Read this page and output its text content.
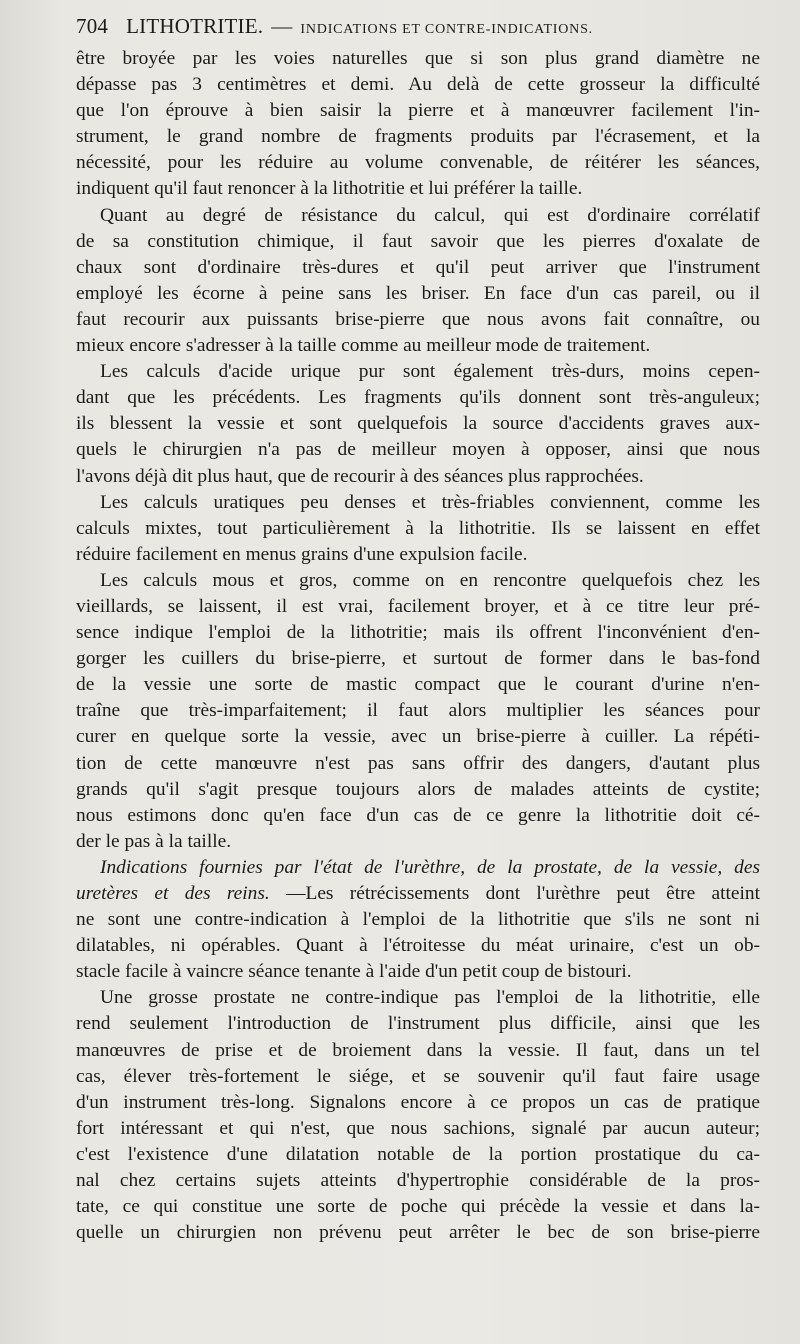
704 LITHOTRITIE. — INDICATIONS ET CONTRE-INDICATIONS.
être broyée par les voies naturelles que si son plus grand diamètre ne
dépasse pas 3 centimètres et demi. Au delà de cette grosseur la difficulté
que l'on éprouve à bien saisir la pierre et à manœuvrer facilement l'in-
strument, le grand nombre de fragments produits par l'écrasement, et la
nécessité, pour les réduire au volume convenable, de réitérer les séances,
indiquent qu'il faut renoncer à la lithotritie et lui préférer la taille.
Quant au degré de résistance du calcul, qui est d'ordinaire corrélatif
de sa constitution chimique, il faut savoir que les pierres d'oxalate de
chaux sont d'ordinaire très-dures et qu'il peut arriver que l'instrument
employé les écorne à peine sans les briser. En face d'un cas pareil, ou il
faut recourir aux puissants brise-pierre que nous avons fait connaître, ou
mieux encore s'adresser à la taille comme au meilleur mode de traitement.
Les calculs d'acide urique pur sont également très-durs, moins cepen-
dant que les précédents. Les fragments qu'ils donnent sont très-anguleux;
ils blessent la vessie et sont quelquefois la source d'accidents graves aux-
quels le chirurgien n'a pas de meilleur moyen à opposer, ainsi que nous
l'avons déjà dit plus haut, que de recourir à des séances plus rapprochées.
Les calculs uratiques peu denses et très-friables conviennent, comme les
calculs mixtes, tout particulièrement à la lithotritie. Ils se laissent en effet
réduire facilement en menus grains d'une expulsion facile.
Les calculs mous et gros, comme on en rencontre quelquefois chez les
vieillards, se laissent, il est vrai, facilement broyer, et à ce titre leur pré-
sence indique l'emploi de la lithotritie; mais ils offrent l'inconvénient d'en-
gorger les cuillers du brise-pierre, et surtout de former dans le bas-fond
de la vessie une sorte de mastic compact que le courant d'urine n'en-
traîne que très-imparfaitement; il faut alors multiplier les séances pour
curer en quelque sorte la vessie, avec un brise-pierre à cuiller. La répéti-
tion de cette manœuvre n'est pas sans offrir des dangers, d'autant plus
grands qu'il s'agit presque toujours alors de malades atteints de cystite;
nous estimons donc qu'en face d'un cas de ce genre la lithotritie doit cé-
der le pas à la taille.
Indications fournies par l'état de l'urèthre, de la prostate, de la vessie, des
uretères et des reins. —Les rétrécissements dont l'urèthre peut être atteint
ne sont une contre-indication à l'emploi de la lithotritie que s'ils ne sont ni
dilatables, ni opérables. Quant à l'étroitesse du méat urinaire, c'est un ob-
stacle facile à vaincre séance tenante à l'aide d'un petit coup de bistouri.
Une grosse prostate ne contre-indique pas l'emploi de la lithotritie, elle
rend seulement l'introduction de l'instrument plus difficile, ainsi que les
manœuvres de prise et de broiement dans la vessie. Il faut, dans un tel
cas, élever très-fortement le siége, et se souvenir qu'il faut faire usage
d'un instrument très-long. Signalons encore à ce propos un cas de pratique
fort intéressant et qui n'est, que nous sachions, signalé par aucun auteur;
c'est l'existence d'une dilatation notable de la portion prostatique du ca-
nal chez certains sujets atteints d'hypertrophie considérable de la pros-
tate, ce qui constitue une sorte de poche qui précède la vessie et dans la-
quelle un chirurgien non prévenu peut arrêter le bec de son brise-pierre
